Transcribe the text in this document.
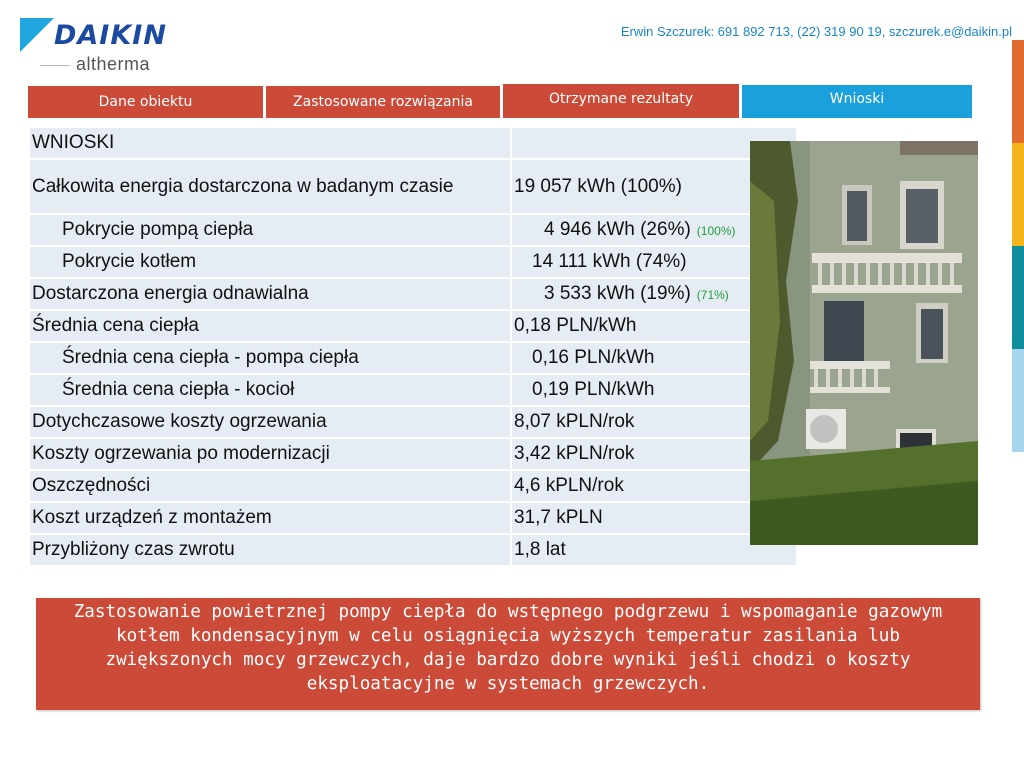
DAIKIN
altherma
Erwin Szczurek: 691 892 713, (22) 319 90 19, szczurek.e@daikin.pl
Dane obiektu	Zastosowane rozwiązania	Otrzymane rezultaty	Wnioski
WNIOSKI	
Całkowita energia dostarczona w badanym czasie	19 057 kWh (100%)
Pokrycie pompą ciepła	4 946 kWh (26%) (100%)
Pokrycie kotłem	14 111 kWh (74%)
Dostarczona energia odnawialna	3 533 kWh (19%) (71%)
Średnia cena ciepła	0,18 PLN/kWh
Średnia cena ciepła - pompa ciepła	0,16 PLN/kWh
Średnia cena ciepła - kocioł	0,19 PLN/kWh
Dotychczasowe koszty ogrzewania	8,07 kPLN/rok
Koszty ogrzewania po modernizacji	3,42 kPLN/rok
Oszczędności	4,6 kPLN/rok
Koszt urządzeń z montażem	31,7 kPLN
Przybliżony czas zwrotu	1,8 lat
Zastosowanie powietrznej pompy ciepła do wstępnego podgrzewu i wspomaganie gazowym kotłem kondensacyjnym w celu osiągnięcia wyższych temperatur zasilania lub zwiększonych mocy grzewczych, daje bardzo dobre wyniki jeśli chodzi o koszty eksploatacyjne w systemach grzewczych.
